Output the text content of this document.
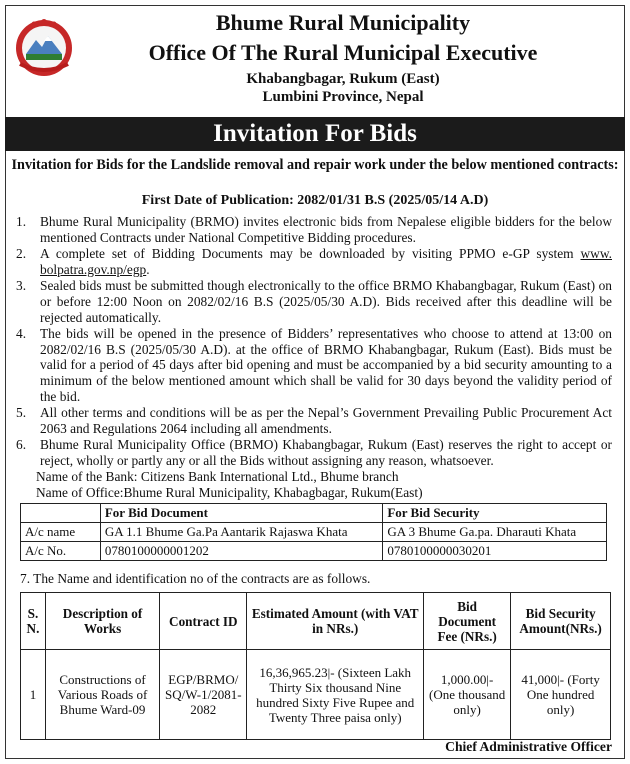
Bhume Rural Municipality
Office Of The Rural Municipal Executive
Khabangbagar, Rukum (East)
Lumbini Province, Nepal
Invitation For Bids
Invitation for Bids for the Landslide removal and repair work under the below mentioned contracts:
First Date of Publication: 2082/01/31 B.S (2025/05/14 A.D)
1.	Bhume Rural Municipality (BRMO) invites electronic bids from Nepalese eligible bidders for the below mentioned Contracts under National Competitive Bidding procedures.
2.	A complete set of Bidding Documents may be downloaded by visiting PPMO e-GP system www. bolpatra.gov.np/egp.
3.	Sealed bids must be submitted though electronically to the office BRMO Khabangbagar, Rukum (East) on or before 12:00 Noon on 2082/02/16 B.S (2025/05/30 A.D). Bids received after this deadline will be rejected automatically.
4.	The bids will be opened in the presence of Bidders’ representatives who choose to attend at 13:00 on 2082/02/16 B.S (2025/05/30 A.D). at the office of BRMO Khabangbagar, Rukum (East). Bids must be valid for a period of 45 days after bid opening and must be accompanied by a bid security amounting to a minimum of the below mentioned amount which shall be valid for 30 days beyond the validity period of the bid.
5.	All other terms and conditions will be as per the Nepal’s Government Prevailing Public Procurement Act 2063 and Regulations 2064 including all amendments.
6.	Bhume Rural Municipality Office (BRMO) Khabangbagar, Rukum (East) reserves the right to accept or reject, wholly or partly any or all the Bids without assigning any reason, whatsoever.
Name of the Bank: Citizens Bank International Ltd., Bhume branch
Name of Office:Bhume Rural Municipality, Khabagbagar, Rukum(East)
	For Bid Document	For Bid Security
A/c name	GA 1.1 Bhume Ga.Pa Aantarik Rajaswa Khata	GA 3 Bhume Ga.pa. Dharauti Khata
A/c No.	0780100000001202	0780100000030201
7. The Name and identification no of the contracts are as follows.
S. N.	Description of Works	Contract ID	Estimated Amount (with VAT in NRs.)	Bid Document Fee (NRs.)	Bid Security Amount(NRs.)
1	Constructions of Various Roads of Bhume Ward-09	EGP/BRMO/ SQ/W-1/2081-2082	16,36,965.23|- (Sixteen Lakh Thirty Six thousand Nine hundred Sixty Five Rupee and Twenty Three paisa only)	1,000.00|- (One thousand only)	41,000|- (Forty One hundred only)
Chief Administrative Officer
